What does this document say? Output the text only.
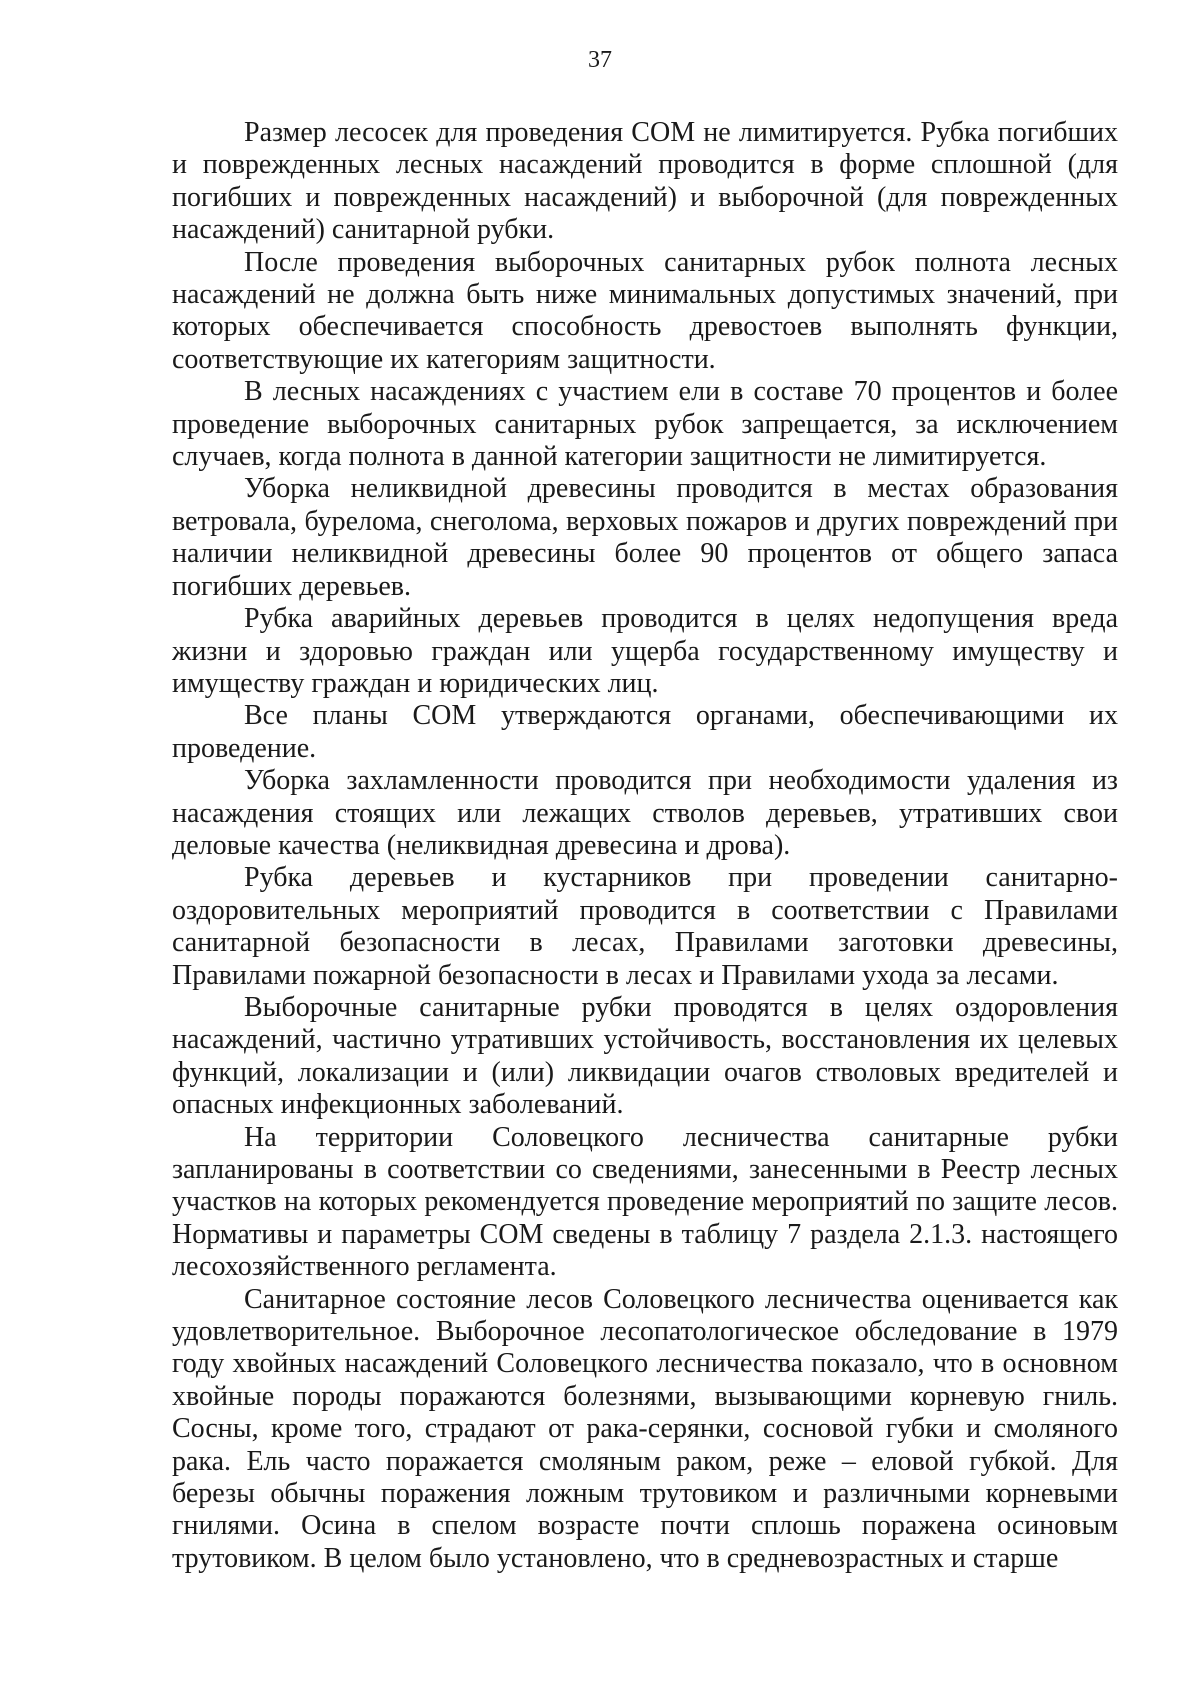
37

Размер лесосек для проведения СОМ не лимитируется. Рубка погибших и поврежденных лесных насаждений проводится в форме сплошной (для погибших и поврежденных насаждений) и выборочной (для поврежденных насаждений) санитарной рубки.

После проведения выборочных санитарных рубок полнота лесных насаждений не должна быть ниже минимальных допустимых значений, при которых обеспечивается способность древостоев выполнять функции, соответствующие их категориям защитности.

В лесных насаждениях с участием ели в составе 70 процентов и более проведение выборочных санитарных рубок запрещается, за исключением случаев, когда полнота в данной категории защитности не лимитируется.

Уборка неликвидной древесины проводится в местах образования ветровала, бурелома, снеголома, верховых пожаров и других повреждений при наличии неликвидной древесины более 90 процентов от общего запаса погибших деревьев.

Рубка аварийных деревьев проводится в целях недопущения вреда жизни и здоровью граждан или ущерба государственному имуществу и имуществу граждан и юридических лиц.

Все планы СОМ утверждаются органами, обеспечивающими их проведение.

Уборка захламленности проводится при необходимости удаления из насаждения стоящих или лежащих стволов деревьев, утративших свои деловые качества (неликвидная древесина и дрова).

Рубка деревьев и кустарников при проведении санитарно-оздоровительных мероприятий проводится в соответствии с Правилами санитарной безопасности в лесах, Правилами заготовки древесины, Правилами пожарной безопасности в лесах и Правилами ухода за лесами.

Выборочные санитарные рубки проводятся в целях оздоровления насаждений, частично утративших устойчивость, восстановления их целевых функций, локализации и (или) ликвидации очагов стволовых вредителей и опасных инфекционных заболеваний.

На территории Соловецкого лесничества санитарные рубки запланированы в соответствии со сведениями, занесенными в Реестр лесных участков на которых рекомендуется проведение мероприятий по защите лесов. Нормативы и параметры СОМ сведены в таблицу 7 раздела 2.1.3. настоящего лесохозяйственного регламента.

Санитарное состояние лесов Соловецкого лесничества оценивается как удовлетворительное. Выборочное лесопатологическое обследование в 1979 году хвойных насаждений Соловецкого лесничества показало, что в основном хвойные породы поражаются болезнями, вызывающими корневую гниль. Сосны, кроме того, страдают от рака-серянки, сосновой губки и смоляного рака. Ель часто поражается смоляным раком, реже – еловой губкой. Для березы обычны поражения ложным трутовиком и различными корневыми гнилями. Осина в спелом возрасте почти сплошь поражена осиновым трутовиком. В целом было установлено, что в средневозрастных и старше
